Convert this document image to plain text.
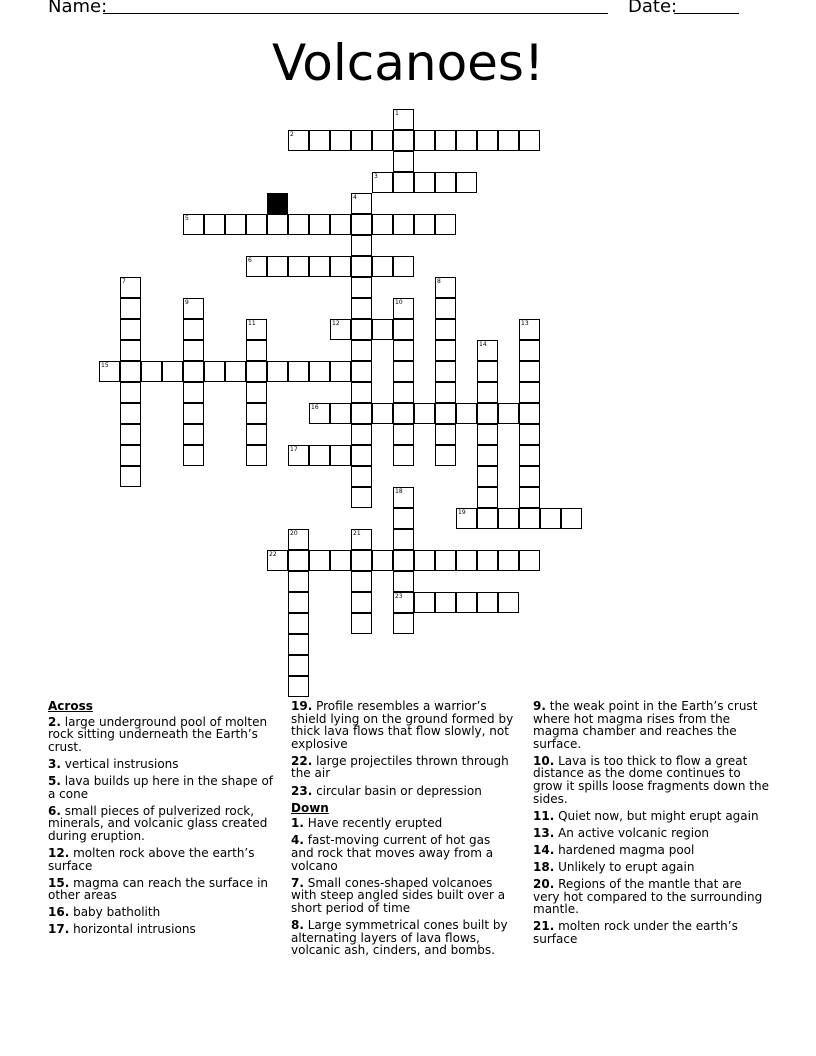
Name:	Date:
Volcanoes!
1
2
3
4
5
6
7	8
9	10
11	12	13
14
15
16
17
18
23
19
20	21
22
Across
2. large underground pool of molten rock sitting underneath the Earth’s crust.
3. vertical instrusions
5. lava builds up here in the shape of a cone
6. small pieces of pulverized rock, minerals, and volcanic glass created during eruption.
12. molten rock above the earth’s surface
15. magma can reach the surface in other areas
16. baby batholith
17. horizontal intrusions
19. Profile resembles a warrior’s shield lying on the ground formed by thick lava flows that flow slowly, not explosive
22. large projectiles thrown through the air
23. circular basin or depression
Down
1. Have recently erupted
4. fast-moving current of hot gas and rock that moves away from a volcano
7. Small cones-shaped volcanoes with steep angled sides built over a short period of time
8. Large symmetrical cones built by alternating layers of lava flows, volcanic ash, cinders, and bombs.
9. the weak point in the Earth’s crust where hot magma rises from the magma chamber and reaches the surface.
10. Lava is too thick to flow a great distance as the dome continues to grow it spills loose fragments down the sides.
11. Quiet now, but might erupt again
13. An active volcanic region
14. hardened magma pool
18. Unlikely to erupt again
20. Regions of the mantle that are very hot compared to the surrounding mantle.
21. molten rock under the earth’s surface
